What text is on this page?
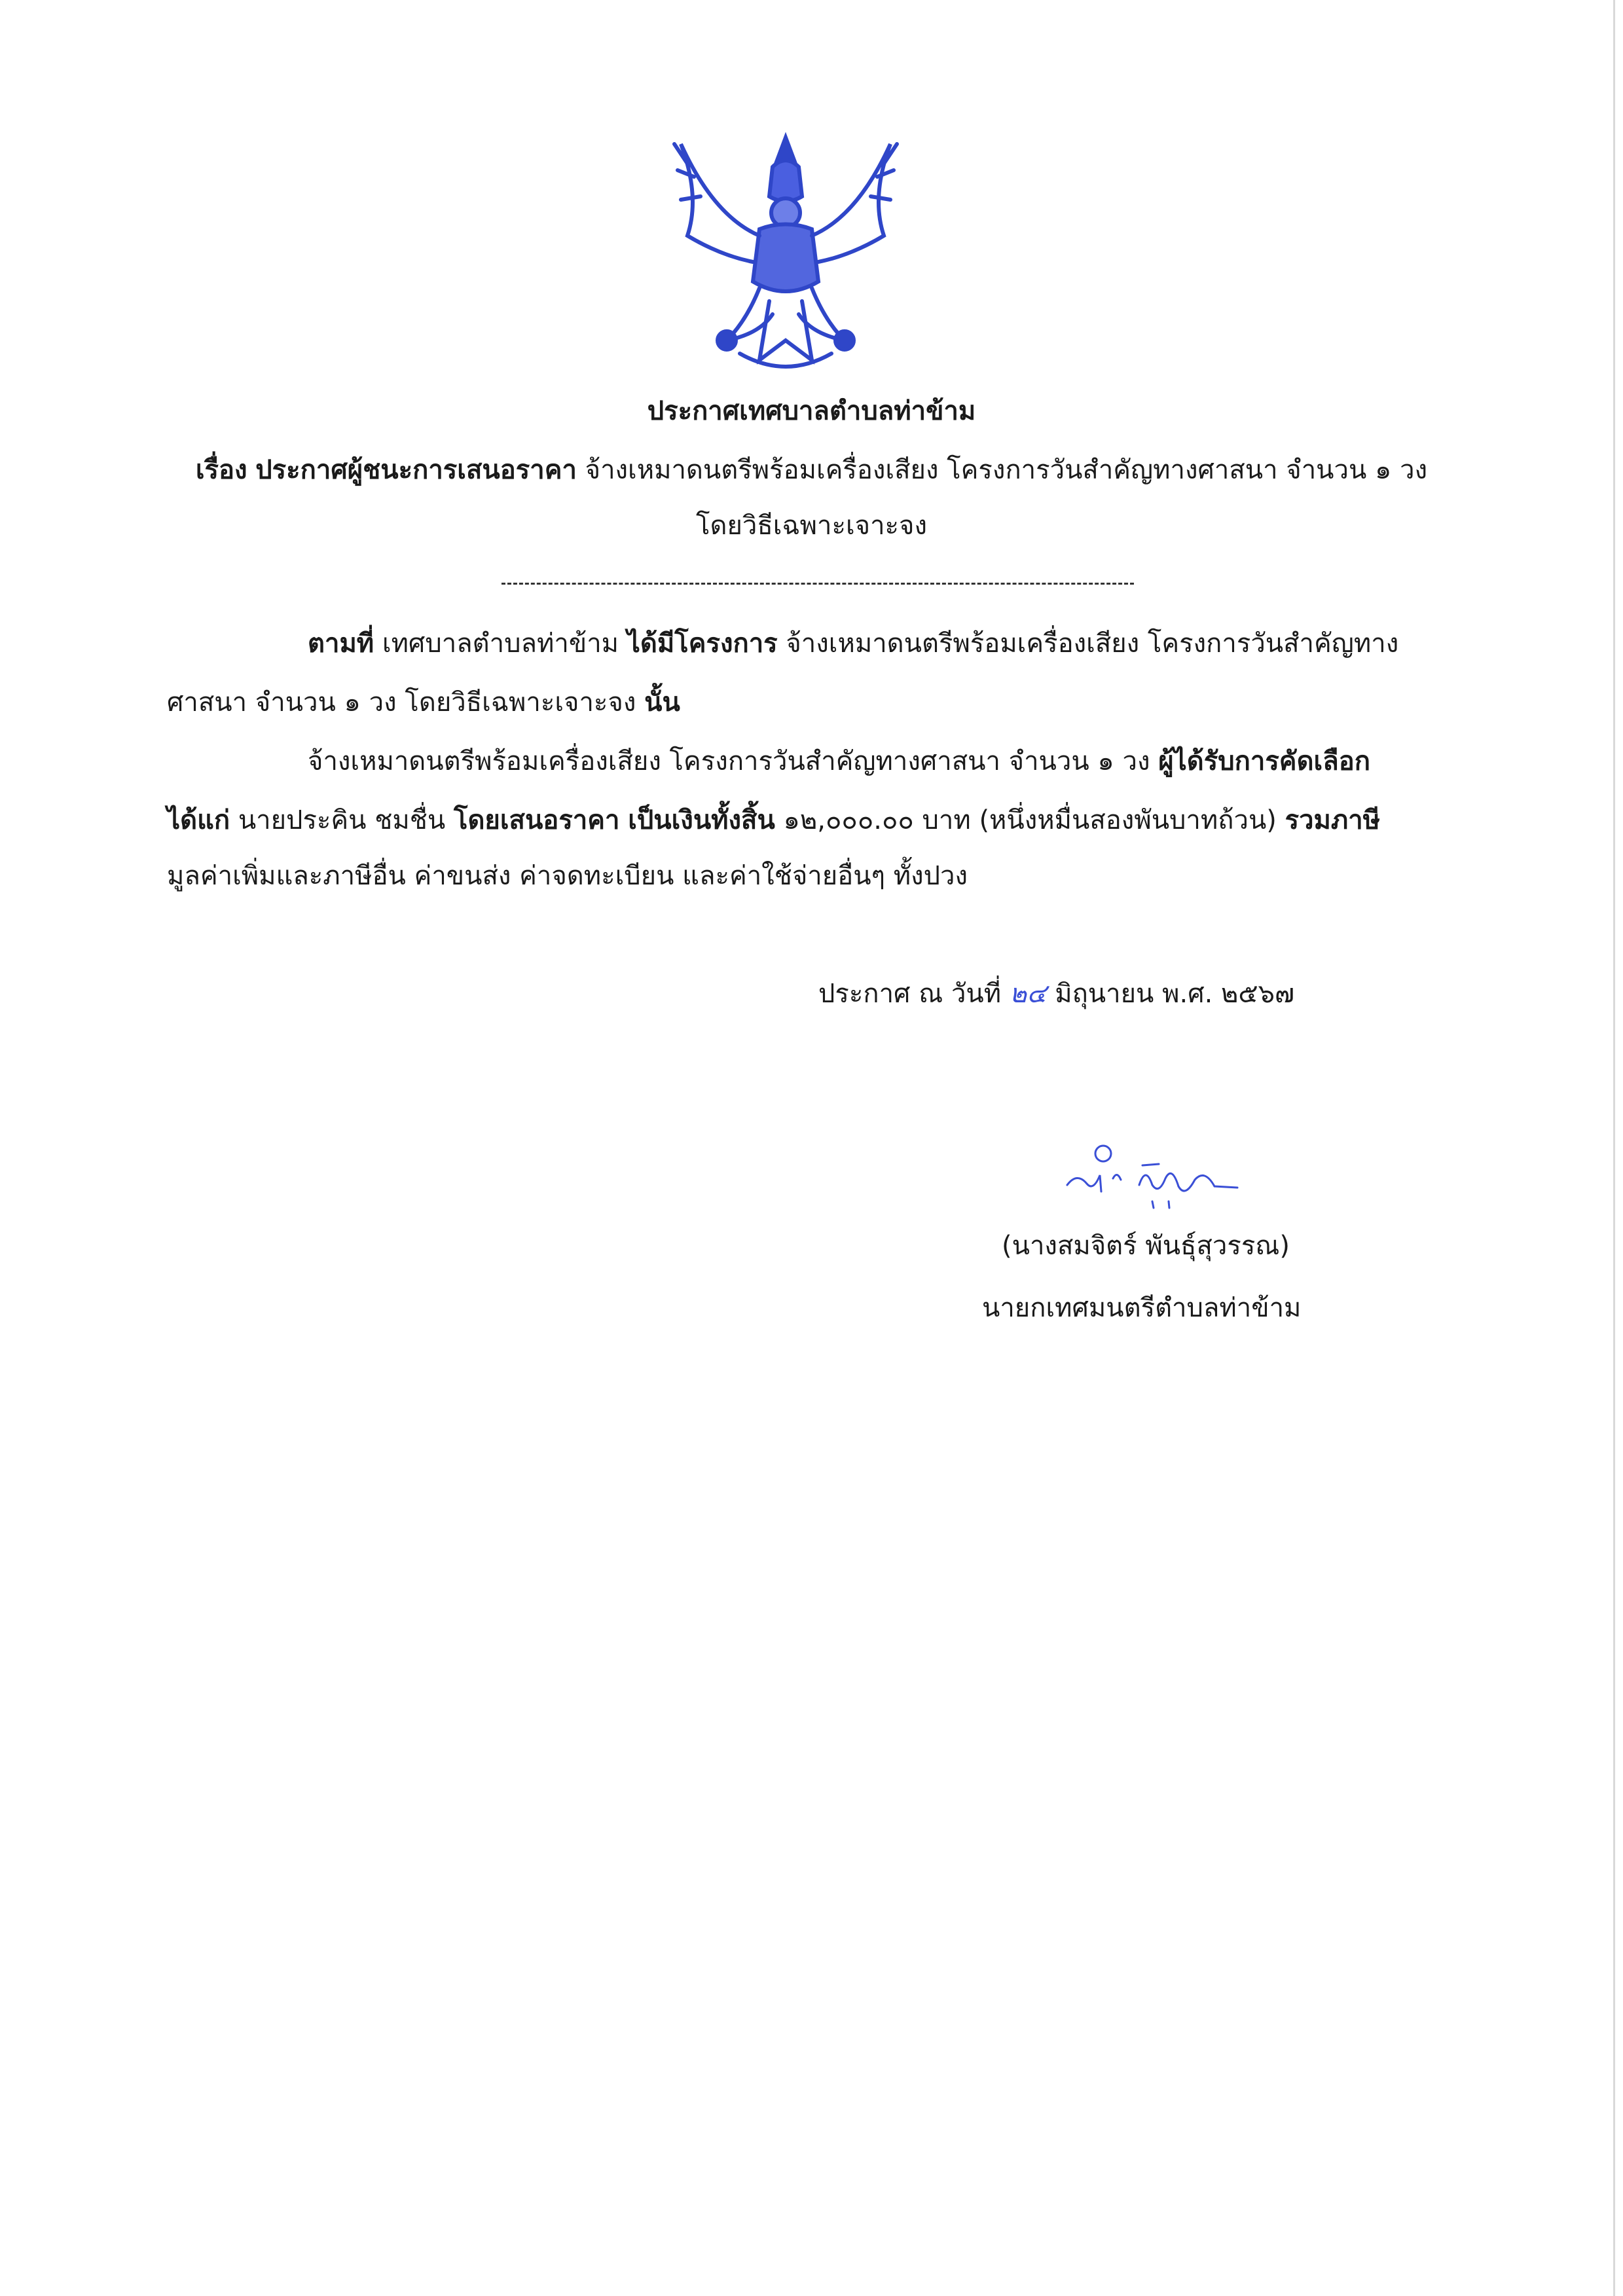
ประกาศเทศบาลตำบลท่าข้าม
เรื่อง ประกาศผู้ชนะการเสนอราคา จ้างเหมาดนตรีพร้อมเครื่องเสียง โครงการวันสำคัญทางศาสนา จำนวน ๑ วง
โดยวิธีเฉพาะเจาะจง
ตามที่ เทศบาลตำบลท่าข้าม ได้มีโครงการ จ้างเหมาดนตรีพร้อมเครื่องเสียง โครงการวันสำคัญทาง
ศาสนา จำนวน ๑ วง โดยวิธีเฉพาะเจาะจง นั้น
จ้างเหมาดนตรีพร้อมเครื่องเสียง โครงการวันสำคัญทางศาสนา จำนวน ๑ วง ผู้ได้รับการคัดเลือก
ได้แก่ นายประคิน ชมชื่น โดยเสนอราคา เป็นเงินทั้งสิ้น ๑๒,๐๐๐.๐๐ บาท (หนึ่งหมื่นสองพันบาทถ้วน) รวมภาษี
มูลค่าเพิ่มและภาษีอื่น ค่าขนส่ง ค่าจดทะเบียน และค่าใช้จ่ายอื่นๆ ทั้งปวง
ประกาศ ณ วันที่ ๒๔ มิถุนายน พ.ศ. ๒๕๖๗
(นางสมจิตร์ พันธุ์สุวรรณ)
นายกเทศมนตรีตำบลท่าข้าม
